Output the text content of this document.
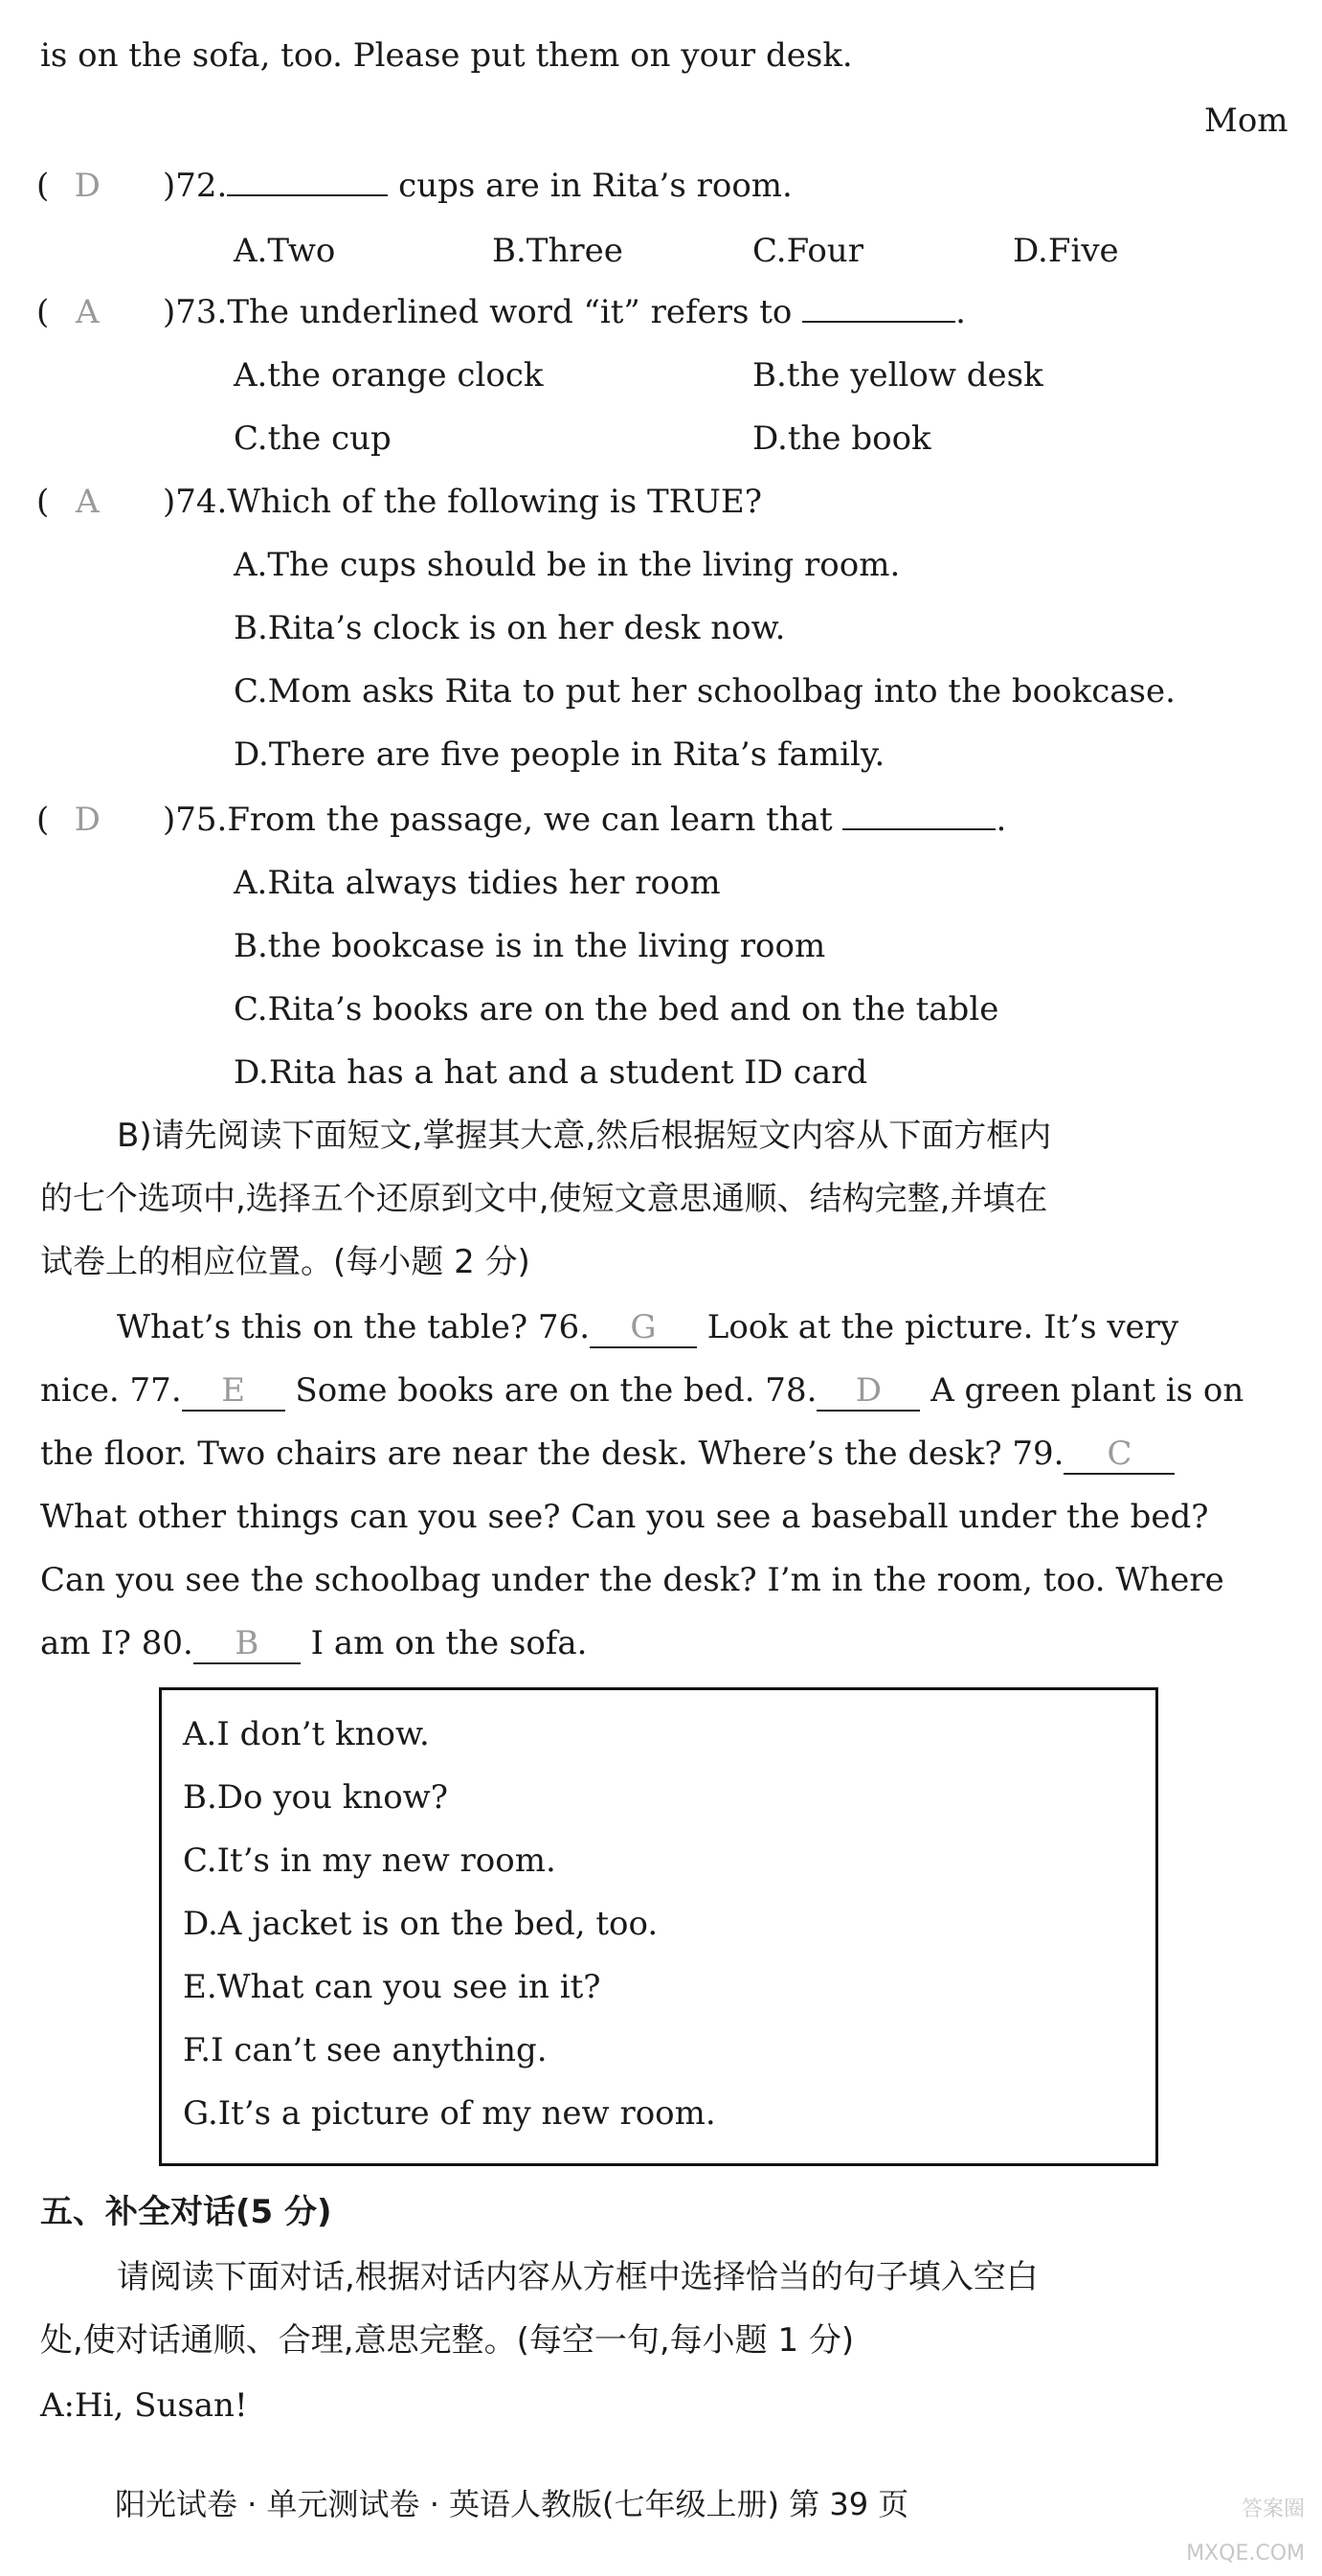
is on the sofa, too. Please put them on your desk.
Mom
( D	)72.	cups are in Rita’s room.
A.Two	B.Three	C.Four	D.Five
( A	)73.The underlined word “it” refers to	.
A.the orange clock	B.the yellow desk
C.the cup	D.the book
( A	)74.Which of the following is TRUE?
A.The cups should be in the living room.
B.Rita’s clock is on her desk now.
C.Mom asks Rita to put her schoolbag into the bookcase.
D.There are five people in Rita’s family.
( D	)75.From the passage, we can learn that	.
A.Rita always tidies her room
B.the bookcase is in the living room
C.Rita’s books are on the bed and on the table
D.Rita has a hat and a student ID card
B)请先阅读下面短文,掌握其大意,然后根据短文内容从下面方框内
的七个选项中,选择五个还原到文中,使短文意思通顺、结构完整,并填在
试卷上的相应位置。(每小题 2 分)
What’s this on the table? 76. G Look at the picture. It’s very
nice. 77. E Some books are on the bed. 78. D A green plant is on
the floor. Two chairs are near the desk. Where’s the desk? 79. C
What other things can you see? Can you see a baseball under the bed?
Can you see the schoolbag under the desk? I’m in the room, too. Where
am I? 80. B I am on the sofa.
A.I don’t know.
B.Do you know?
C.It’s in my new room.
D.A jacket is on the bed, too.
E.What can you see in it?
F.I can’t see anything.
G.It’s a picture of my new room.
五、补全对话(5 分)
请阅读下面对话,根据对话内容从方框中选择恰当的句子填入空白
处,使对话通顺、合理,意思完整。(每空一句,每小题 1 分)
A:Hi, Susan!
阳光试卷 · 单元测试卷 · 英语人教版(七年级上册) 第 39 页	答案圈 MXQE.COM
